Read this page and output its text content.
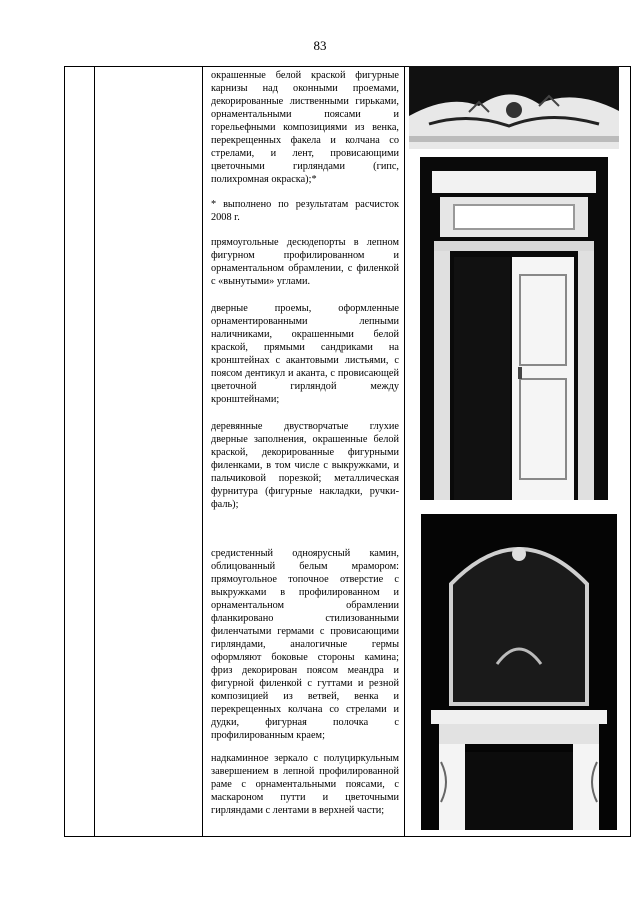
83

окрашенные белой краской фигурные карнизы над оконными проемами, декорированные лиственными гирьками, орнаментальными поясами и горельефными композициями из венка, перекрещенных факела и колчана со стрелами, и лент, провисающими цветочными гирляндами (гипс, полихромная окраска);*

* выполнено по результатам расчисток 2008 г.

прямоугольные десюдепорты в лепном фигурном профилированном и орнаментальном обрамлении, с филенкой с «вынутыми» углами.

дверные проемы, оформленные орнаментированными лепными наличниками, окрашенными белой краской, прямыми сандриками на кронштейнах с акантовыми листьями, с поясом дентикул и аканта, с провисающей цветочной гирляндой между кронштейнами;

деревянные двустворчатые глухие дверные заполнения, окрашенные белой краской, декорированные фигурными филенками, в том числе с выкружками, и пальчиковой порезкой; металлическая фурнитура (фигурные накладки, ручки-фаль);

средистенный одноярусный камин, облицованный белым мрамором: прямоугольное топочное отверстие с выкружками в профилированном и орнаментальном обрамлении фланкировано стилизованными филенчатыми гермами с провисающими гирляндами, аналогичные гермы оформляют боковые стороны камина; фриз декорирован поясом меандра и фигурной филенкой с гуттами и резной композицией из ветвей, венка и перекрещенных колчана со стрелами и дудки, фигурная полочка с профилированным краем;

надкаминное зеркало с полуциркульным завершением в лепной профилированной раме с орнаментальными поясами, с маскароном путти и цветочными гирляндами с лентами в верхней части;
